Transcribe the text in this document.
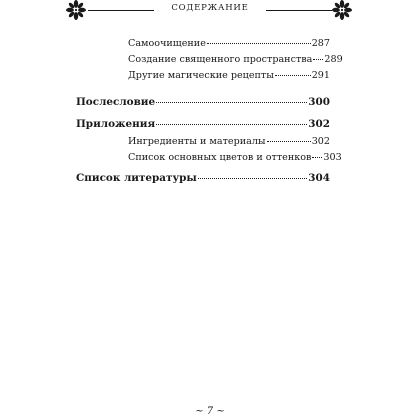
СОДЕРЖАНИЕ
Самоочищение	287
Создание священного пространства 289
Другие магические рецепты	291
Послесловие	300
Приложения	302
Ингредиенты и материалы	302
Список основных цветов и оттенков 303
Список литературы	304
~ 7 ~
